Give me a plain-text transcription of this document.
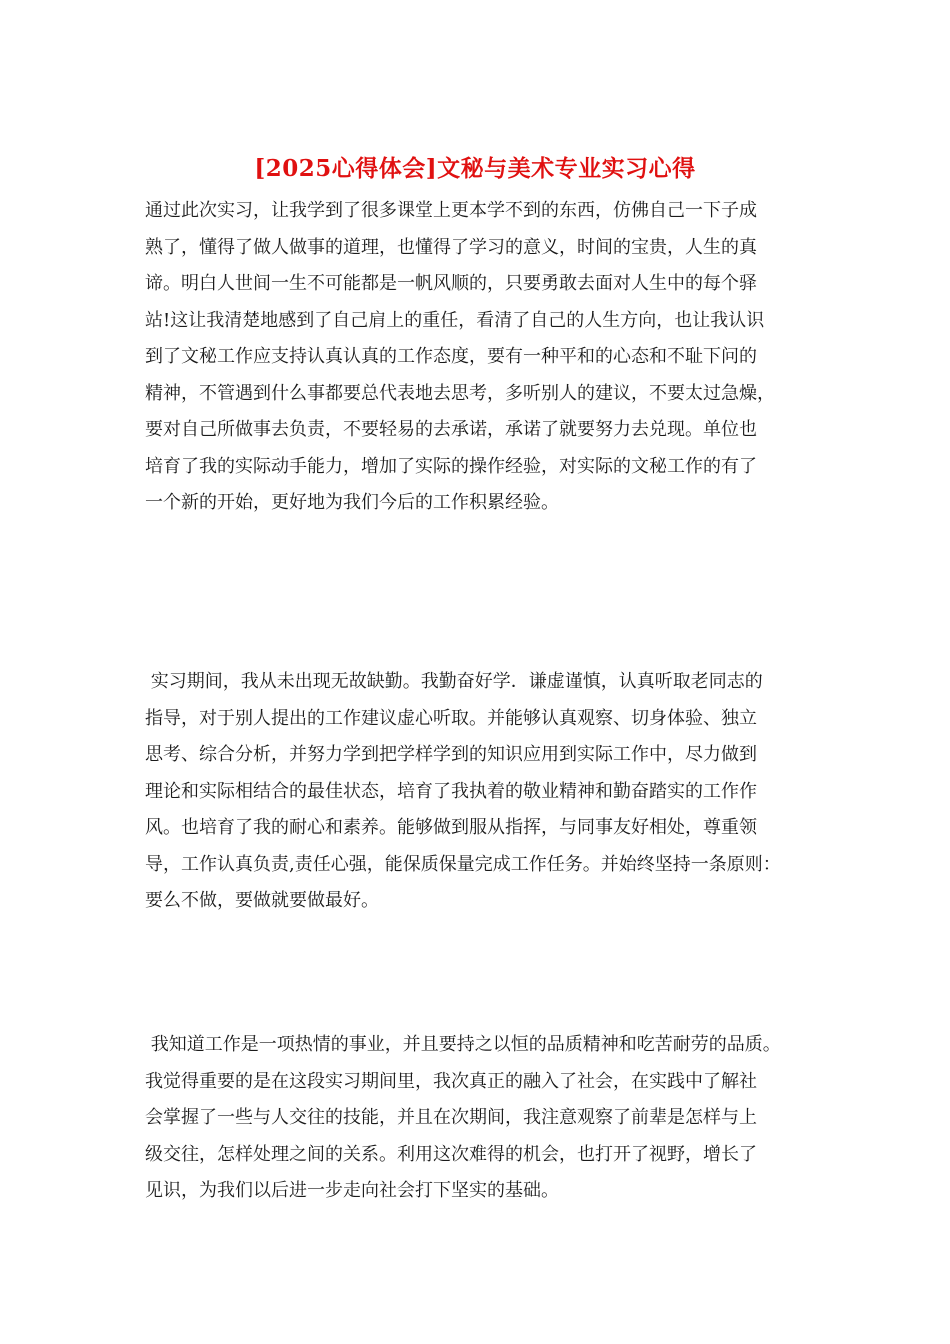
[2025心得体会]文秘与美术专业实习心得
通过此次实习，让我学到了很多课堂上更本学不到的东西，仿佛自己一下子成
熟了，懂得了做人做事的道理，也懂得了学习的意义，时间的宝贵，人生的真
谛。明白人世间一生不可能都是一帆风顺的，只要勇敢去面对人生中的每个驿
站!这让我清楚地感到了自己肩上的重任，看清了自己的人生方向，也让我认识
到了文秘工作应支持认真认真的工作态度，要有一种平和的心态和不耻下问的
精神，不管遇到什么事都要总代表地去思考，多听别人的建议，不要太过急燥，
要对自己所做事去负责，不要轻易的去承诺，承诺了就要努力去兑现。单位也
培育了我的实际动手能力，增加了实际的操作经验，对实际的文秘工作的有了
一个新的开始，更好地为我们今后的工作积累经验。
实习期间，我从未出现无故缺勤。我勤奋好学．谦虚谨慎，认真听取老同志的
指导，对于别人提出的工作建议虚心听取。并能够认真观察、切身体验、独立
思考、综合分析，并努力学到把学样学到的知识应用到实际工作中，尽力做到
理论和实际相结合的最佳状态，培育了我执着的敬业精神和勤奋踏实的工作作
风。也培育了我的耐心和素养。能够做到服从指挥，与同事友好相处，尊重领
导，工作认真负责,责任心强，能保质保量完成工作任务。并始终坚持一条原则：
要么不做，要做就要做最好。
我知道工作是一项热情的事业，并且要持之以恒的品质精神和吃苦耐劳的品质。
我觉得重要的是在这段实习期间里，我次真正的融入了社会，在实践中了解社
会掌握了一些与人交往的技能，并且在次期间，我注意观察了前辈是怎样与上
级交往，怎样处理之间的关系。利用这次难得的机会，也打开了视野，增长了
见识，为我们以后进一步走向社会打下坚实的基础。
